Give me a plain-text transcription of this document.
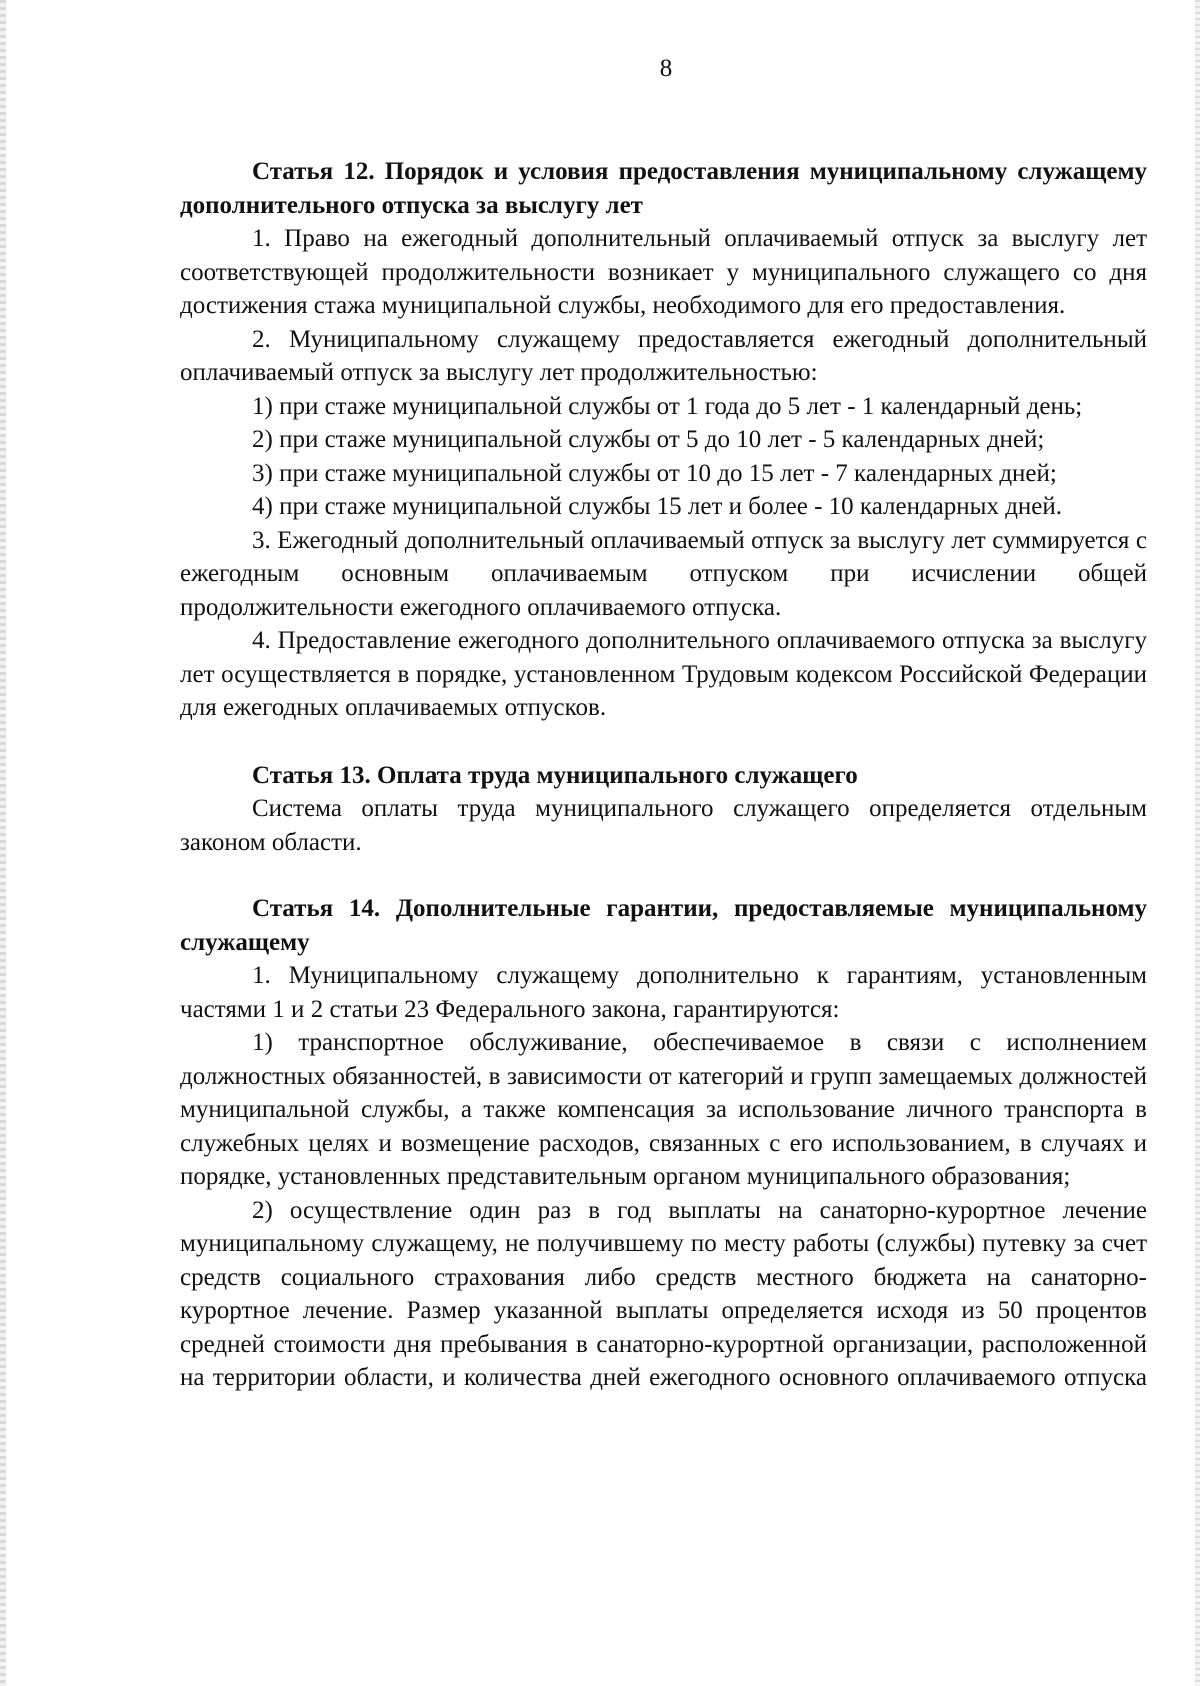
8

Статья 12. Порядок и условия предоставления муниципальному служащему дополнительного отпуска за выслугу лет

1. Право на ежегодный дополнительный оплачиваемый отпуск за выслугу лет соответствующей продолжительности возникает у муниципального служащего со дня достижения стажа муниципальной службы, необходимого для его предоставления.

2. Муниципальному служащему предоставляется ежегодный дополнительный оплачиваемый отпуск за выслугу лет продолжительностью:

1) при стаже муниципальной службы от 1 года до 5 лет - 1 календарный день;

2) при стаже муниципальной службы от 5 до 10 лет - 5 календарных дней;

3) при стаже муниципальной службы от 10 до 15 лет - 7 календарных дней;

4) при стаже муниципальной службы 15 лет и более - 10 календарных дней.

3. Ежегодный дополнительный оплачиваемый отпуск за выслугу лет суммируется с ежегодным основным оплачиваемым отпуском при исчислении общей продолжительности ежегодного оплачиваемого отпуска.

4. Предоставление ежегодного дополнительного оплачиваемого отпуска за выслугу лет осуществляется в порядке, установленном Трудовым кодексом Российской Федерации для ежегодных оплачиваемых отпусков.

Статья 13. Оплата труда муниципального служащего

Система оплаты труда муниципального служащего определяется отдельным законом области.

Статья 14. Дополнительные гарантии, предоставляемые муниципальному служащему

1. Муниципальному служащему дополнительно к гарантиям, установленным частями 1 и 2 статьи 23 Федерального закона, гарантируются:

1) транспортное обслуживание, обеспечиваемое в связи с исполнением должностных обязанностей, в зависимости от категорий и групп замещаемых должностей муниципальной службы, а также компенсация за использование личного транспорта в служебных целях и возмещение расходов, связанных с его использованием, в случаях и порядке, установленных представительным органом муниципального образования;

2) осуществление один раз в год выплаты на санаторно-курортное лечение муниципальному служащему, не получившему по месту работы (службы) путевку за счет средств социального страхования либо средств местного бюджета на санаторно-курортное лечение. Размер указанной выплаты определяется исходя из 50 процентов средней стоимости дня пребывания в санаторно-курортной организации, расположенной на территории области, и количества дней ежегодного основного оплачиваемого отпуска
